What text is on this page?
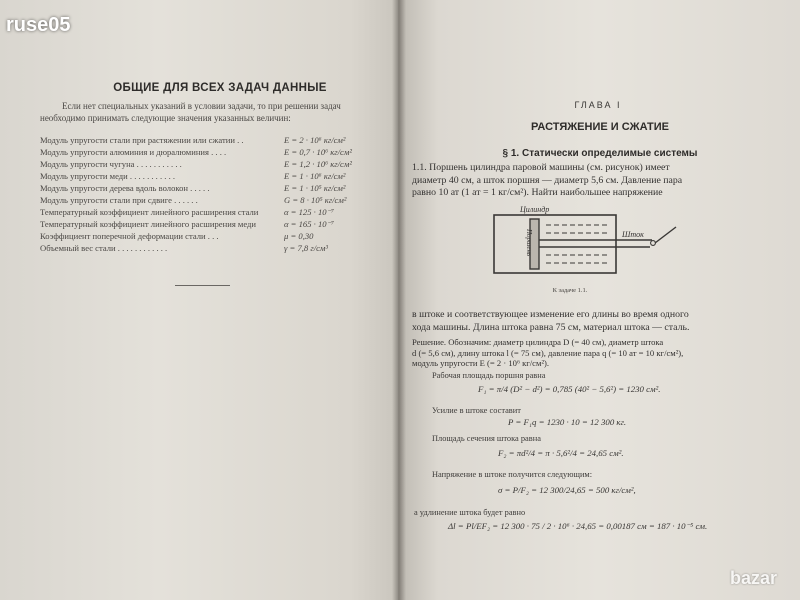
ОБЩИЕ ДЛЯ ВСЕХ ЗАДАЧ ДАННЫЕ
Если нет специальных указаний в условии задачи, то при решении задач необходимо принимать следующие значения указанных величин:
Модуль упругости стали при растяжении или сжатии . .	E = 2 · 10⁶ кг/см²
Модуль упругости алюминия и дюралюминия . . . .	E = 0,7 · 10⁶ кг/см²
Модуль упругости чугуна . . . . . . . . . . .	E = 1,2 · 10⁶ кг/см²
Модуль упругости меди . . . . . . . . . . .	E = 1 · 10⁶ кг/см²
Модуль упругости дерева вдоль волокон . . . . .	E = 1 · 10⁵ кг/см²
Модуль упругости стали при сдвиге . . . . . .	G = 8 · 10⁵ кг/см²
Температурный коэффициент линейного расширения стали	α = 125 · 10⁻⁷
Температурный коэффициент линейного расширения меди	α = 165 · 10⁻⁷
Коэффициент поперечной деформации стали . . .	μ = 0,30
Объемный вес стали . . . . . . . . . . . .	γ = 7,8 г/см³
ГЛАВА I
РАСТЯЖЕНИЕ И СЖАТИЕ
§ 1. Статически определимые системы
1.1. Поршень цилиндра паровой машины (см. рисунок) имеет
диаметр 40 см, а шток поршня — диаметр 5,6 см. Давление пара
равно 10 ат (1 ат = 1 кг/см²). Найти наибольшее напряжение
Цилиндр
Поршень	Шток
К задаче 1.1.
в штоке и соответствующее изменение его длины во время одного
хода машины. Длина штока равна 75 см, материал штока — сталь.
Решение. Обозначим: диаметр цилиндра D (= 40 см), диаметр штока
d (= 5,6 см), длину штока l (= 75 см), давление пара q (= 10 ат = 10 кг/см²),
модуль упругости E (= 2 · 10⁶ кг/см²).
Рабочая площадь поршня равна
F₁ = π/4 (D² − d²) = 0,785 (40² − 5,6²) = 1230 см².
Усилие в штоке составит
P = F₁q = 1230 · 10 = 12 300 кг.
Площадь сечения штока равна
F₂ = πd²/4 = π · 5,6²/4 = 24,65 см².
Напряжение в штоке получится следующим:
σ = P/F₂ = 12 300/24,65 = 500 кг/см²,
а удлинение штока будет равно
Δl = Pl/EF₂ = 12 300 · 75 / 2 · 10⁶ · 24,65 = 0,00187 см = 187 · 10⁻⁵ см.
ruse05
bazar
